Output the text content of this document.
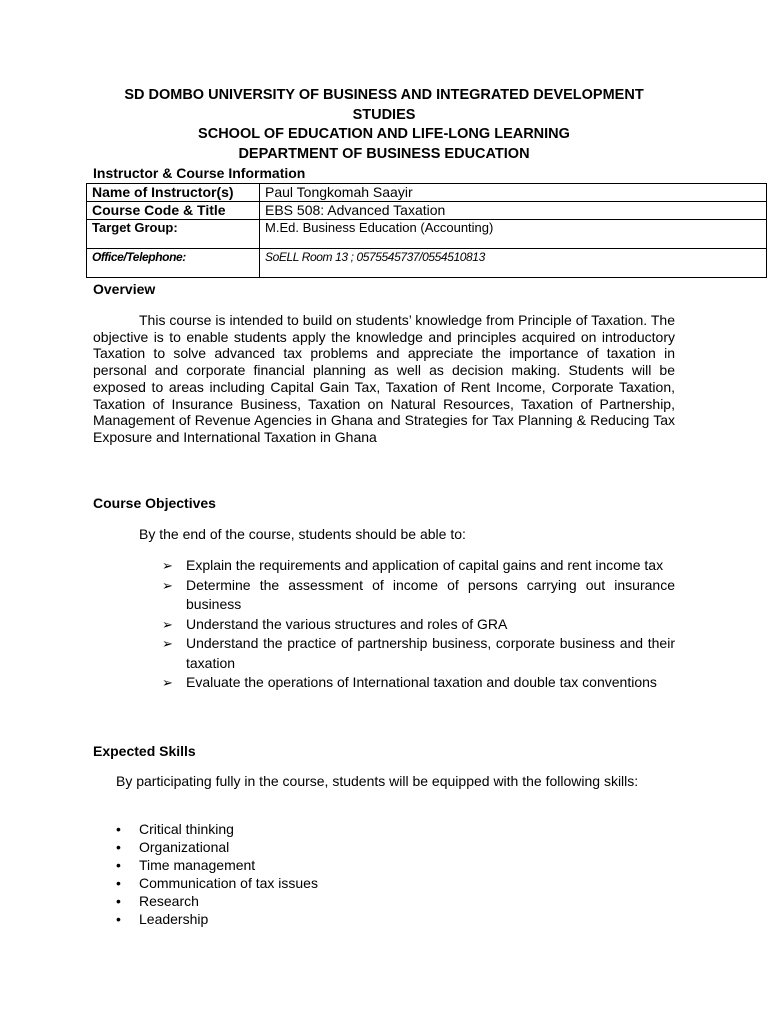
SD DOMBO UNIVERSITY OF BUSINESS AND INTEGRATED DEVELOPMENT
STUDIES
SCHOOL OF EDUCATION AND LIFE-LONG LEARNING
DEPARTMENT OF BUSINESS EDUCATION
Instructor & Course Information
Name of Instructor(s)	Paul Tongkomah Saayir
Course Code & Title	EBS 508: Advanced Taxation
Target Group:	M.Ed. Business Education (Accounting)
Office/Telephone:	SoELL Room 13 ; 0575545737/0554510813
Overview

This course is intended to build on students’ knowledge from Principle of Taxation. The objective is to enable students apply the knowledge and principles acquired on introductory Taxation to solve advanced tax problems and appreciate the importance of taxation in personal and corporate financial planning as well as decision making. Students will be exposed to areas including Capital Gain Tax, Taxation of Rent Income, Corporate Taxation, Taxation of Insurance Business, Taxation on Natural Resources, Taxation of Partnership, Management of Revenue Agencies in Ghana and Strategies for Tax Planning & Reducing Tax Exposure and International Taxation in Ghana

Course Objectives

By the end of the course, students should be able to:

➢ Explain the requirements and application of capital gains and rent income tax
➢ Determine the assessment of income of persons carrying out insurance business
➢ Understand the various structures and roles of GRA
➢ Understand the practice of partnership business, corporate business and their taxation
➢ Evaluate the operations of International taxation and double tax conventions
Expected Skills

By participating fully in the course, students will be equipped with the following skills:

• Critical thinking
• Organizational
• Time management
• Communication of tax issues
• Research
• Leadership
